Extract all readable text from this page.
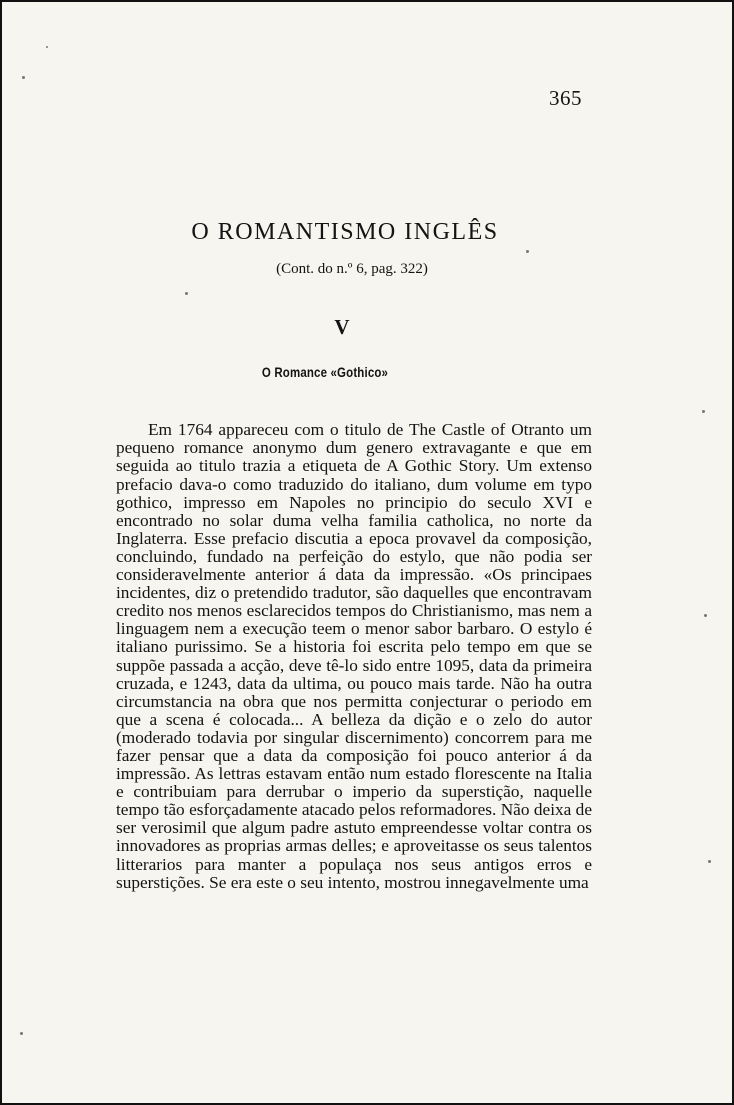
365
O ROMANTISMO INGLÊS
(Cont. do n.º 6, pag. 322)
V
O Romance «Gothico»

Em 1764 appareceu com o titulo de The Castle of Otranto um pequeno romance anonymo dum genero extravagante e que em seguida ao titulo trazia a etiqueta de A Gothic Story. Um extenso prefacio dava-o como traduzido do italiano, dum volume em typo gothico, impresso em Napoles no principio do seculo XVI e encontrado no solar duma velha familia catholica, no norte da Inglaterra. Esse prefacio discutia a epoca provavel da composição, concluindo, fundado na perfeição do estylo, que não podia ser consideravelmente anterior á data da impressão. «Os principaes incidentes, diz o pretendido tradutor, são daquelles que encontravam credito nos menos esclarecidos tempos do Christianismo, mas nem a linguagem nem a execução teem o menor sabor barbaro. O estylo é italiano purissimo. Se a historia foi escrita pelo tempo em que se suppõe passada a acção, deve tê-lo sido entre 1095, data da primeira cruzada, e 1243, data da ultima, ou pouco mais tarde. Não ha outra circumstancia na obra que nos permitta conjecturar o periodo em que a scena é colocada... A belleza da dição e o zelo do autor (moderado todavia por singular discernimento) concorrem para me fazer pensar que a data da composição foi pouco anterior á da impressão. As lettras estavam então num estado florescente na Italia e contribuiam para derrubar o imperio da superstição, naquelle tempo tão esforçadamente atacado pelos reformadores. Não deixa de ser verosimil que algum padre astuto empreendesse voltar contra os innovadores as proprias armas delles; e aproveitasse os seus talentos litterarios para manter a populaça nos seus antigos erros e superstições. Se era este o seu intento, mostrou innegavelmente uma
